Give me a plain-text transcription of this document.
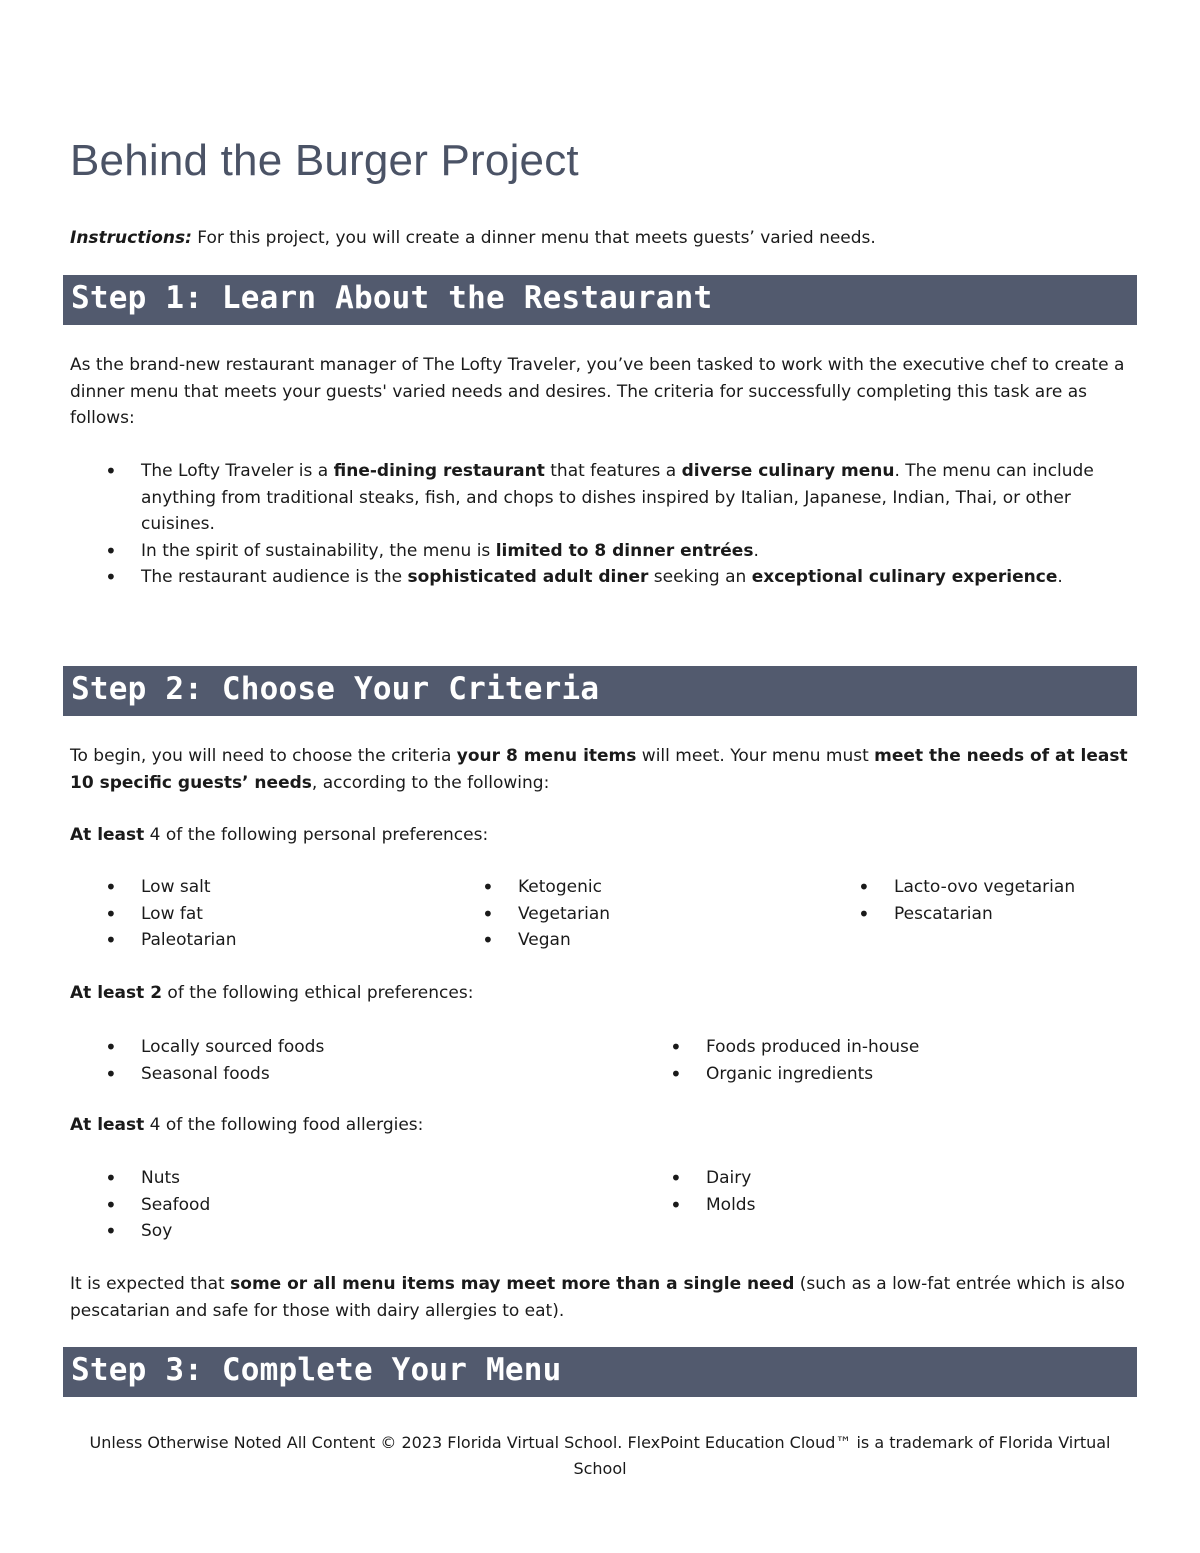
Behind the Burger Project

Instructions: For this project, you will create a dinner menu that meets guests’ varied needs.

Step 1: Learn About the Restaurant

As the brand-new restaurant manager of The Lofty Traveler, you’ve been tasked to work with the executive chef to create a dinner menu that meets your guests' varied needs and desires. The criteria for successfully completing this task are as follows:

• The Lofty Traveler is a fine-dining restaurant that features a diverse culinary menu. The menu can include anything from traditional steaks, fish, and chops to dishes inspired by Italian, Japanese, Indian, Thai, or other cuisines.
• In the spirit of sustainability, the menu is limited to 8 dinner entrées.
• The restaurant audience is the sophisticated adult diner seeking an exceptional culinary experience.
Step 2: Choose Your Criteria

To begin, you will need to choose the criteria your 8 menu items will meet. Your menu must meet the needs of at least 10 specific guests’ needs, according to the following:

At least 4 of the following personal preferences:

• Low salt
• Low fat
• Paleotarian
• Ketogenic
• Vegetarian
• Vegan
• Lacto-ovo vegetarian
• Pescatarian

At least 2 of the following ethical preferences:

• Locally sourced foods
• Seasonal foods
• Foods produced in-house
• Organic ingredients

At least 4 of the following food allergies:

• Nuts
• Seafood
• Soy
• Dairy
• Molds

It is expected that some or all menu items may meet more than a single need (such as a low-fat entrée which is also pescatarian and safe for those with dairy allergies to eat).

Step 3: Complete Your Menu
Unless Otherwise Noted All Content © 2023 Florida Virtual School. FlexPoint Education Cloud™ is a trademark of Florida Virtual School
